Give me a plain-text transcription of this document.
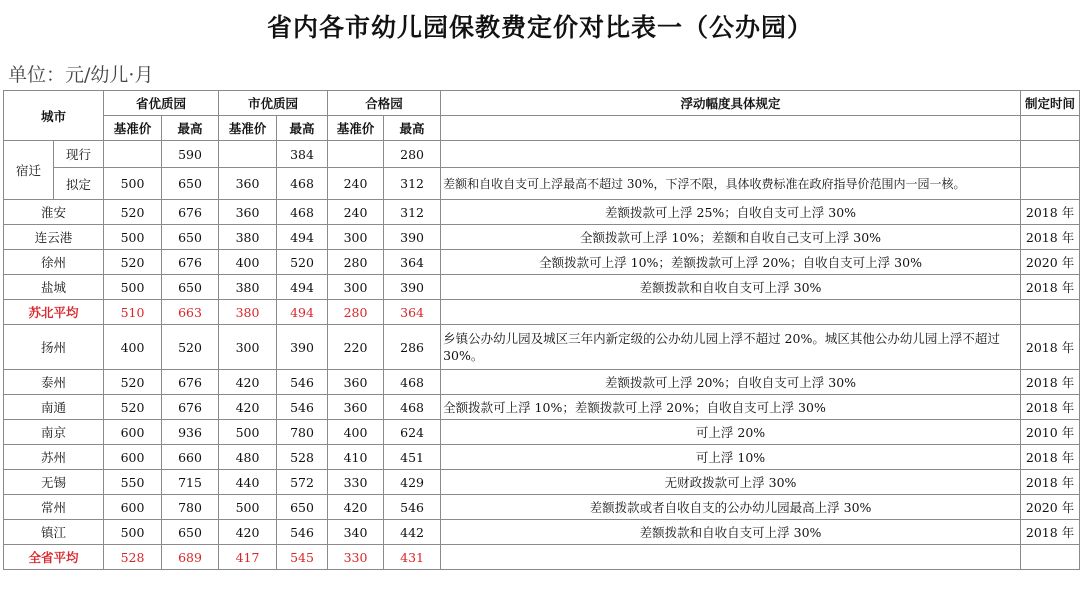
省内各市幼儿园保教费定价对比表一（公办园）
单位：元/幼儿·月
城市		省优质园		市优质园		合格园		浮动幅度具体规定	制定时间
		基准价	最高	基准价	最高	基准价	最高		
宿迁	现行		590		384		280		
	拟定	500	650	360	468	240	312	差额和自收自支可上浮最高不超过 30%，下浮不限，具体收费标准在政府指导价范围内一园一核。	
淮安		520	676	360	468	240	312	差额拨款可上浮 25%；自收自支可上浮 30%	2018 年
连云港		500	650	380	494	300	390	全额拨款可上浮 10%；差额和自收自己支可上浮 30%	2018 年
徐州		520	676	400	520	280	364	全额拨款可上浮 10%；差额拨款可上浮 20%；自收自支可上浮 30%	2020 年
盐城		500	650	380	494	300	390	差额拨款和自收自支可上浮 30%	2018 年
苏北平均		510	663	380	494	280	364		
扬州		400	520	300	390	220	286	乡镇公办幼儿园及城区三年内新定级的公办幼儿园上浮不超过 20%。城区其他公办幼儿园上浮不超过 30%。	2018 年
泰州		520	676	420	546	360	468	差额拨款可上浮 20%；自收自支可上浮 30%	2018 年
南通		520	676	420	546	360	468	全额拨款可上浮 10%；差额拨款可上浮 20%；自收自支可上浮 30%	2018 年
南京		600	936	500	780	400	624	可上浮 20%	2010 年
苏州		600	660	480	528	410	451	可上浮 10%	2018 年
无锡		550	715	440	572	330	429	无财政拨款可上浮 30%	2018 年
常州		600	780	500	650	420	546	差额拨款或者自收自支的公办幼儿园最高上浮 30%	2020 年
镇江		500	650	420	546	340	442	差额拨款和自收自支可上浮 30%	2018 年
全省平均		528	689	417	545	330	431		
